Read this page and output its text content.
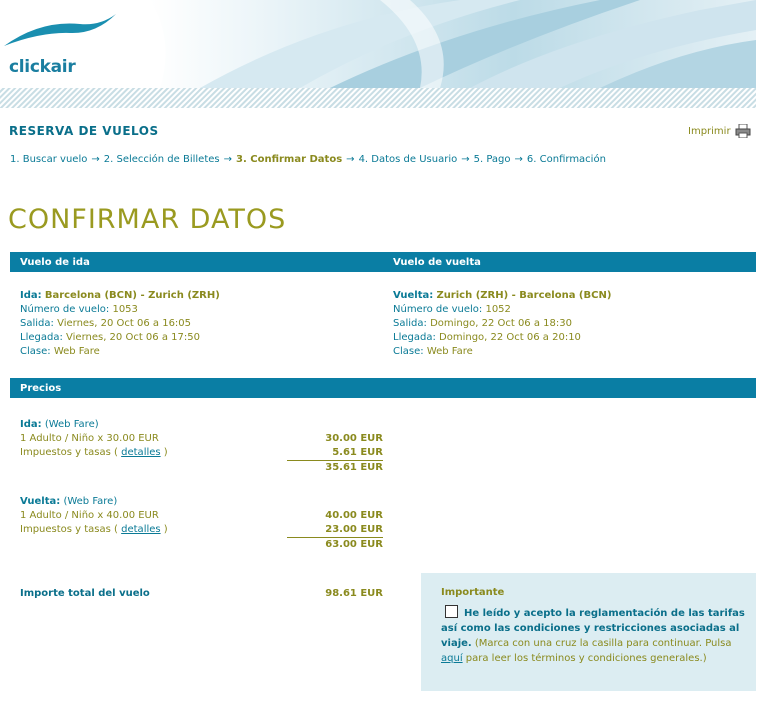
clickair
RESERVA DE VUELOS	Imprimir
1. Buscar vuelo → 2. Selección de Billetes → 3. Confirmar Datos → 4. Datos de Usuario → 5. Pago → 6. Confirmación
CONFIRMAR DATOS
Vuelo de ida	Vuelo de vuelta
Ida: Barcelona (BCN) - Zurich (ZRH)
Número de vuelo: 1053
Salida: Viernes, 20 Oct 06 a 16:05
Llegada: Viernes, 20 Oct 06 a 17:50
Clase: Web Fare
Vuelta: Zurich (ZRH) - Barcelona (BCN)
Número de vuelo: 1052
Salida: Domingo, 22 Oct 06 a 18:30
Llegada: Domingo, 22 Oct 06 a 20:10
Clase: Web Fare
Precios
Ida: (Web Fare)
1 Adulto / Niño x 30.00 EUR	30.00 EUR
Impuestos y tasas ( detalles )	5.61 EUR
35.61 EUR
Vuelta: (Web Fare)
1 Adulto / Niño x 40.00 EUR	40.00 EUR
Impuestos y tasas ( detalles )	23.00 EUR
63.00 EUR
Importe total del vuelo	98.61 EUR	Importante
He leído y acepto la reglamentación de las tarifas así como las condiciones y restricciones asociadas al viaje. (Marca con una cruz la casilla para continuar. Pulsa aquí para leer los términos y condiciones generales.)
